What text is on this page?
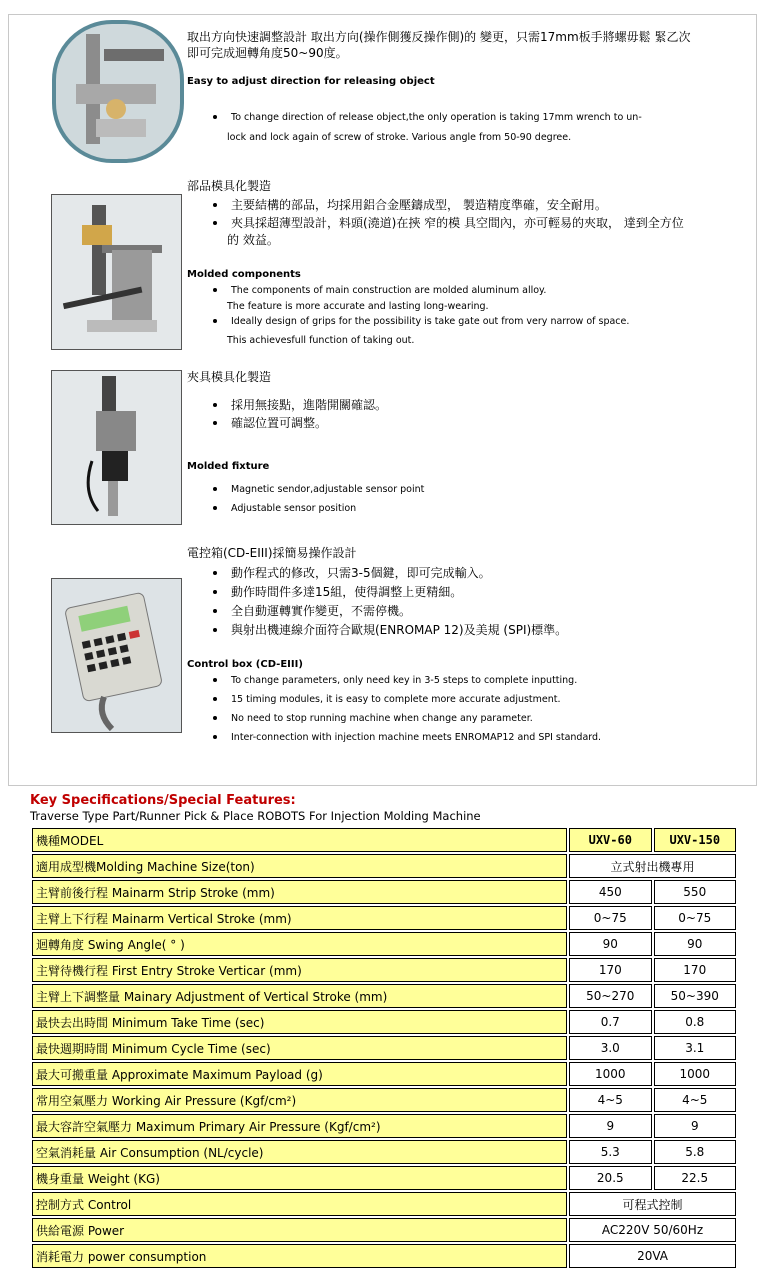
取出方向快速調整設計 取出方向(操作側獲反操作側)的 變更，只需17mm板手將螺毋鬆 緊乙次
即可完成迴轉角度50~90度。
Easy to adjust direction for releasing object
To change direction of release object,the only operation is taking 17mm wrench to un-
lock and lock again of screw of stroke. Various angle from 50-90 degree.
部品模具化製造
主要結構的部品，均採用鋁合金壓鑄成型， 製造精度準確，安全耐用。
夾具採超薄型設計，料頭(澆道)在挾 窄的模 具空間內，亦可輕易的夾取， 達到全方位
的 效益。
Molded components
The components of main construction are molded aluminum alloy.
The feature is more accurate and lasting long-wearing.
Ideally design of grips for the possibility is take gate out from very narrow of space.
This achievesfull function of taking out.
夾具模具化製造
採用無接點，進階開關確認。
確認位置可調整。
Molded fixture
Magnetic sendor,adjustable sensor point
Adjustable sensor position
電控箱(CD-EIII)採簡易操作設計
動作程式的修改，只需3-5個鍵，即可完成輸入。
動作時間件多達15組，使得調整上更精細。
全自動運轉實作變更，不需停機。
與射出機連線介面符合歐規(ENROMAP 12)及美規 (SPI)標準。
Control box (CD-EIII)
To change parameters, only need key in 3-5 steps to complete inputting.
15 timing modules, it is easy to complete more accurate adjustment.
No need to stop running machine when change any parameter.
Inter-connection with injection machine meets ENROMAP12 and SPI standard.
Key Specifications/Special Features:
Traverse Type Part/Runner Pick & Place ROBOTS For Injection Molding Machine
機種MODEL	UXV-60	UXV-150
適用成型機Molding Machine Size(ton)	立式射出機專用	
主臂前後行程 Mainarm Strip Stroke (mm)	450	550
主臂上下行程 Mainarm Vertical Stroke (mm)	0~75	0~75
迴轉角度 Swing Angle( ° )	90	90
主臂待機行程 First Entry Stroke Verticar (mm)	170	170
主臂上下調整量 Mainary Adjustment of Vertical Stroke (mm)	50~270	50~390
最快去出時間 Minimum Take Time (sec)	0.7	0.8
最快週期時間 Minimum Cycle Time (sec)	3.0	3.1
最大可搬重量 Approximate Maximum Payload (g)	1000	1000
常用空氣壓力 Working Air Pressure (Kgf/cm²)	4~5	4~5
最大容許空氣壓力 Maximum Primary Air Pressure (Kgf/cm²)	9	9
空氣消耗量 Air Consumption (NL/cycle)	5.3	5.8
機身重量 Weight (KG)	20.5	22.5
控制方式 Control	可程式控制	
供給電源 Power	AC220V 50/60Hz	
消耗電力 power consumption	20VA	
